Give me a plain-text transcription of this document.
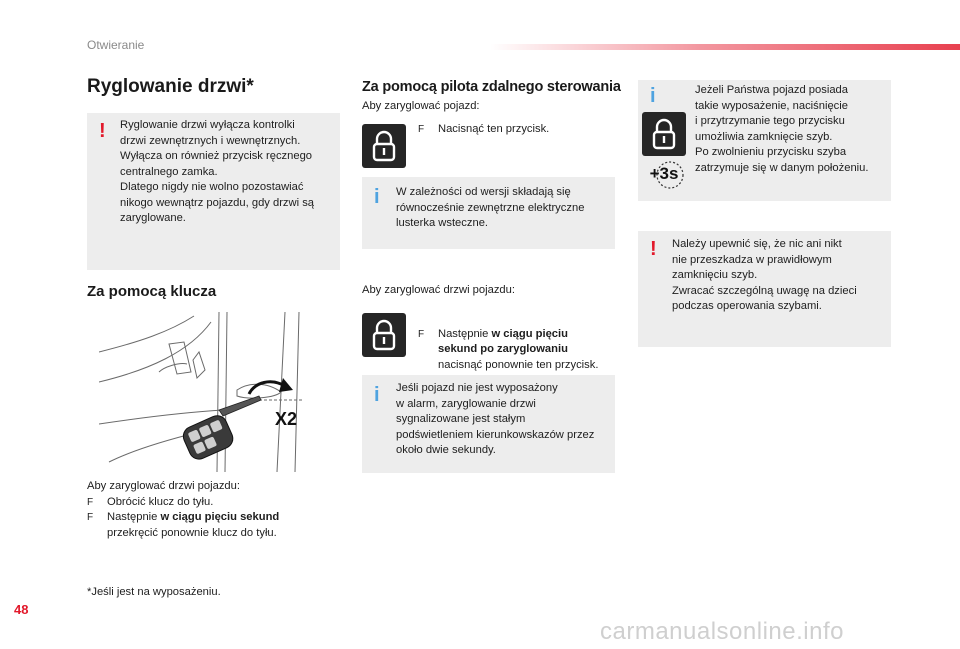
Otwieranie
Ryglowanie drzwi*
! Ryglowanie drzwi wyłącza kontrolki
drzwi zewnętrznych i wewnętrznych.
Wyłącza on również przycisk ręcznego
centralnego zamka.
Dlatego nigdy nie wolno pozostawiać
nikogo wewnątrz pojazdu, gdy drzwi są
zaryglowane.
Za pomocą klucza
X2
Aby zaryglować drzwi pojazdu:
F Obrócić klucz do tyłu.
F Następnie w ciągu pięciu sekund
przekręcić ponownie klucz do tyłu.
*Jeśli jest na wyposażeniu.
Za pomocą pilota zdalnego sterowania
Aby zaryglować pojazd:
F Nacisnąć ten przycisk.
i W zależności od wersji składają się
równocześnie zewnętrzne elektryczne
lusterka wsteczne.
Aby zaryglować drzwi pojazdu:
F Następnie w ciągu pięciu
sekund po zaryglowaniu
nacisnąć ponownie ten przycisk.
i Jeśli pojazd nie jest wyposażony
w alarm, zaryglowanie drzwi
sygnalizowane jest stałym
podświetleniem kierunkowskazów przez
około dwie sekundy.
i
+3s
Jeżeli Państwa pojazd posiada
takie wyposażenie, naciśnięcie
i przytrzymanie tego przycisku
umożliwia zamknięcie szyb.
Po zwolnieniu przycisku szyba
zatrzymuje się w danym położeniu.
! Należy upewnić się, że nic ani nikt
nie przeszkadza w prawidłowym
zamknięciu szyb.
Zwracać szczególną uwagę na dzieci
podczas operowania szybami.
48
carmanualsonline.info
